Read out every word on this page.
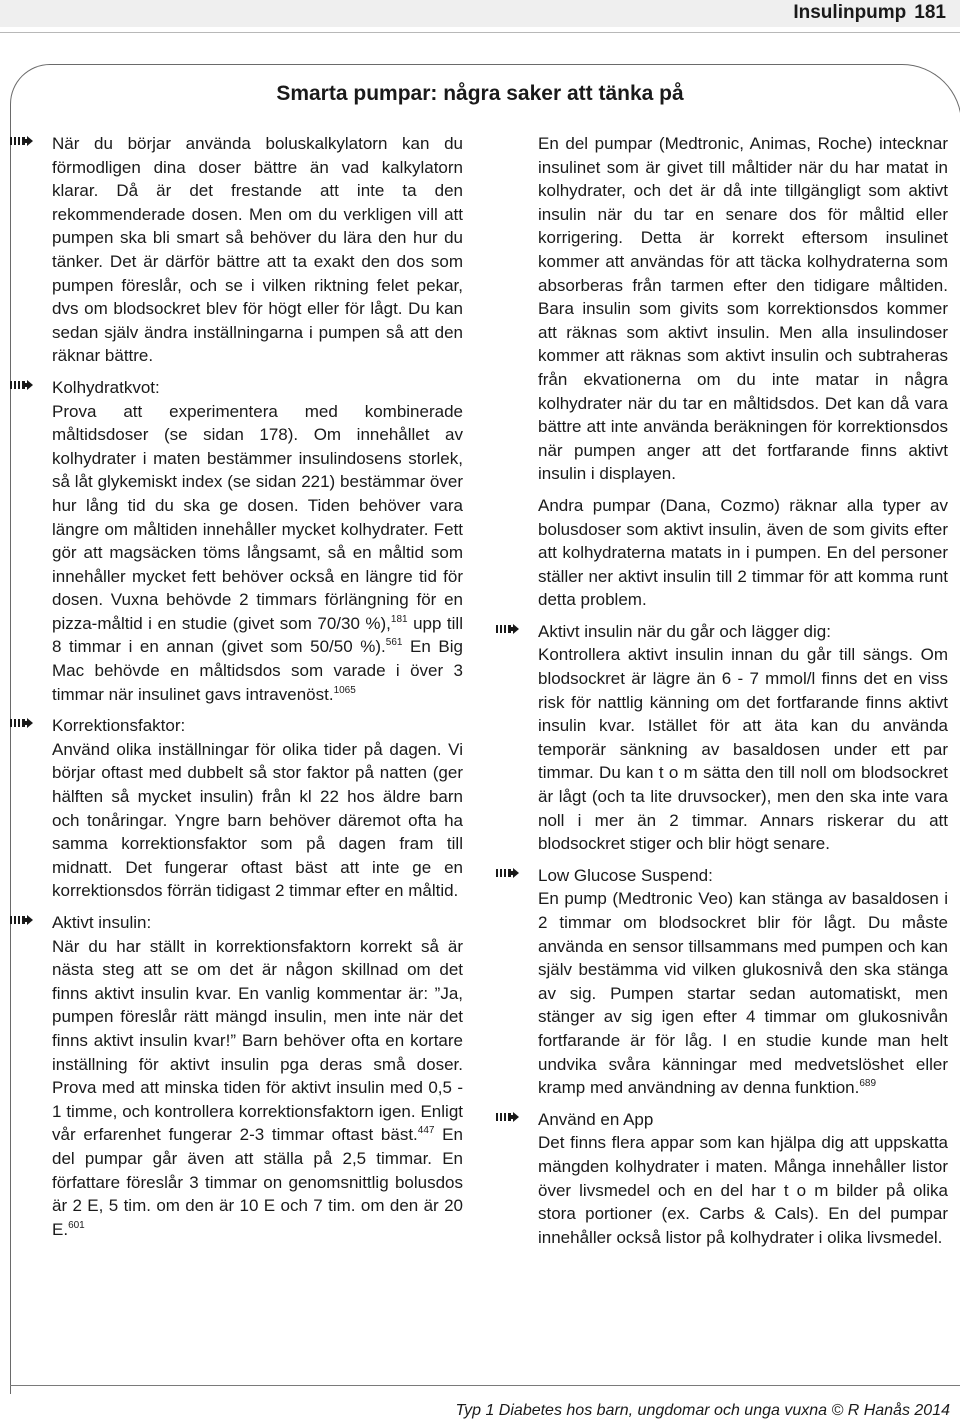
Insulinpump 181
Smarta pumpar: några saker att tänka på
När du börjar använda boluskalkylatorn kan du förmodligen dina doser bättre än vad kalkylatorn klarar. Då är det frestande att inte ta den rekommenderade dosen. Men om du verkligen vill att pumpen ska bli smart så behöver du lära den hur du tänker. Det är därför bättre att ta exakt den dos som pumpen föreslår, och se i vilken riktning felet pekar, dvs om blodsockret blev för högt eller för lågt. Du kan sedan själv ändra inställningarna i pumpen så att den räknar bättre.
Kolhydratkvot:
Prova att experimentera med kombinerade måltidsdoser (se sidan 178). Om innehållet av kolhydrater i maten bestämmer insulindosens storlek, så låt glykemiskt index (se sidan 221) bestämmar över hur lång tid du ska ge dosen. Tiden behöver vara längre om måltiden innehåller mycket kolhydrater. Fett gör att magsäcken töms långsamt, så en måltid som innehåller mycket fett behöver också en längre tid för dosen. Vuxna behövde 2 timmars förlängning för en pizza-måltid i en studie (givet som 70/30 %),$^{181}$ upp till 8 timmar i en annan (givet som 50/50 %).$^{561}$ En Big Mac behövde en måltidsdos som varade i över 3 timmar när insulinet gavs intravenöst.$^{1065}$
Korrektionsfaktor:
Använd olika inställningar för olika tider på dagen. Vi börjar oftast med dubbelt så stor faktor på natten (ger hälften så mycket insulin) från kl 22 hos äldre barn och tonåringar. Yngre barn behöver däremot ofta ha samma korrektionsfaktor som på dagen fram till midnatt. Det fungerar oftast bäst att inte ge en korrektionsdos förrän tidigast 2 timmar efter en måltid.
Aktivt insulin:
När du har ställt in korrektionsfaktorn korrekt så är nästa steg att se om det är någon skillnad om det finns aktivt insulin kvar. En vanlig kommentar är: ”Ja, pumpen föreslår rätt mängd insulin, men inte när det finns aktivt insulin kvar!” Barn behöver ofta en kortare inställning för aktivt insulin pga deras små doser. Prova med att minska tiden för aktivt insulin med 0,5 - 1 timme, och kontrollera korrektionsfaktorn igen. Enligt vår erfarenhet fungerar 2-3 timmar oftast bäst.$^{447}$ En del pumpar går även att ställa på 2,5 timmar. En författare föreslår 3 timmar on genomsnittlig bolusdos är 2 E, 5 tim. om den är 10 E och 7 tim. om den är 20 E.$^{601}$
En del pumpar (Medtronic, Animas, Roche) intecknar insulinet som är givet till måltider när du har matat in kolhydrater, och det är då inte tillgängligt som aktivt insulin när du tar en senare dos för måltid eller korrigering. Detta är korrekt eftersom insulinet kommer att användas för att täcka kolhydraterna som absorberas från tarmen efter den tidigare måltiden. Bara insulin som givits som korrektionsdos kommer att räknas som aktivt insulin. Men alla insulindoser kommer att räknas som aktivt insulin och subtraheras från ekvationerna om du inte matar in några kolhydrater när du tar en måltidsdos. Det kan då vara bättre att inte använda beräkningen för korrektionsdos när pumpen anger att det fortfarande finns aktivt insulin i displayen.
Andra pumpar (Dana, Cozmo) räknar alla typer av bolusdoser som aktivt insulin, även de som givits efter att kolhydraterna matats in i pumpen. En del personer ställer ner aktivt insulin till 2 timmar för att komma runt detta problem.
Aktivt insulin när du går och lägger dig:
Kontrollera aktivt insulin innan du går till sängs. Om blodsockret är lägre än 6 - 7 mmol/l finns det en viss risk för nattlig känning om det fortfarande finns aktivt insulin kvar. Istället för att äta kan du använda temporär sänkning av basaldosen under ett par timmar. Du kan t o m sätta den till noll om blodsockret är lågt (och ta lite druvsocker), men den ska inte vara noll i mer än 2 timmar. Annars riskerar du att blodsockret stiger och blir högt senare.
Low Glucose Suspend:
En pump (Medtronic Veo) kan stänga av basaldosen i 2 timmar om blodsockret blir för lågt. Du måste använda en sensor tillsammans med pumpen och kan själv bestämma vid vilken glukosnivå den ska stänga av sig. Pumpen startar sedan automatiskt, men stänger av sig igen efter 4 timmar om glukosnivån fortfarande är för låg. I en studie kunde man helt undvika svåra känningar med medvetslöshet eller kramp med användning av denna funktion.$^{689}$
Använd en App
Det finns flera appar som kan hjälpa dig att uppskatta mängden kolhydrater i maten. Många innehåller listor över livsmedel och en del har t o m bilder på olika stora portioner (ex. Carbs & Cals). En del pumpar innehåller också listor på kolhydrater i olika livsmedel.
Typ 1 Diabetes hos barn, ungdomar och unga vuxna © R Hanås 2014
